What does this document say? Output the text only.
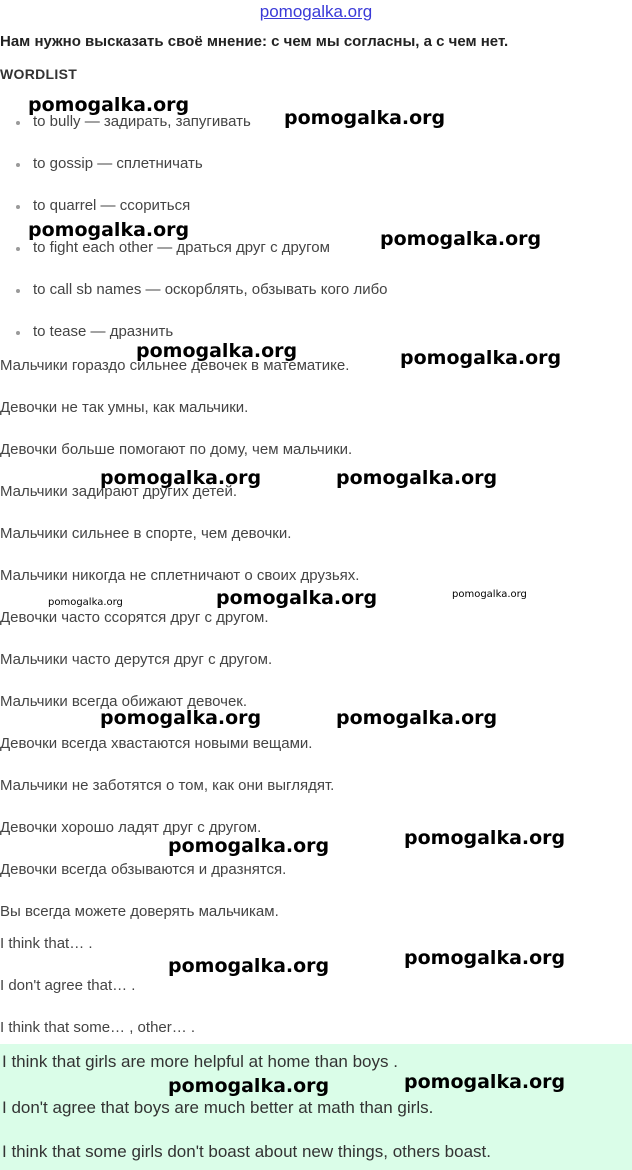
pomogalka.org
Нам нужно высказать своё мнение: с чем мы согласны, а с чем нет.
WORDLIST
to bully — задирать, запугивать
to gossip — сплетничать
to quarrel — ссориться
to fight each other — драться друг с другом
to call sb names — оскорблять, обзывать кого либо
to tease — дразнить
Мальчики гораздо сильнее девочек в математике.
Девочки не так умны, как мальчики.
Девочки больше помогают по дому, чем мальчики.
Мальчики задирают других детей.
Мальчики сильнее в спорте, чем девочки.
Мальчики никогда не сплетничают о своих друзьях.
Девочки часто ссорятся друг с другом.
Мальчики часто дерутся друг с другом.
Мальчики всегда обижают девочек.
Девочки всегда хвастаются новыми вещами.
Мальчики не заботятся о том, как они выглядят.
Девочки хорошо ладят друг с другом.
Девочки всегда обзываются и дразнятся.
Вы всегда можете доверять мальчикам.
I think that… .
I don't agree that… .
I think that some… , other… .
I think that girls are more helpful at home than boys .
I don't agree that boys are much better at math than girls.
I think that some girls don't boast about new things, others boast.
pomogalka.org
pomogalka.org
pomogalka.org	pomogalka.org
pomogalka.org	pomogalka.org
pomogalka.org	pomogalka.org
pomogalka.org	pomogalka.org	pomogalka.org
pomogalka.org	pomogalka.org
pomogalka.org
pomogalka.org
pomogalka.org
pomogalka.org
pomogalka.org
pomogalka.org
